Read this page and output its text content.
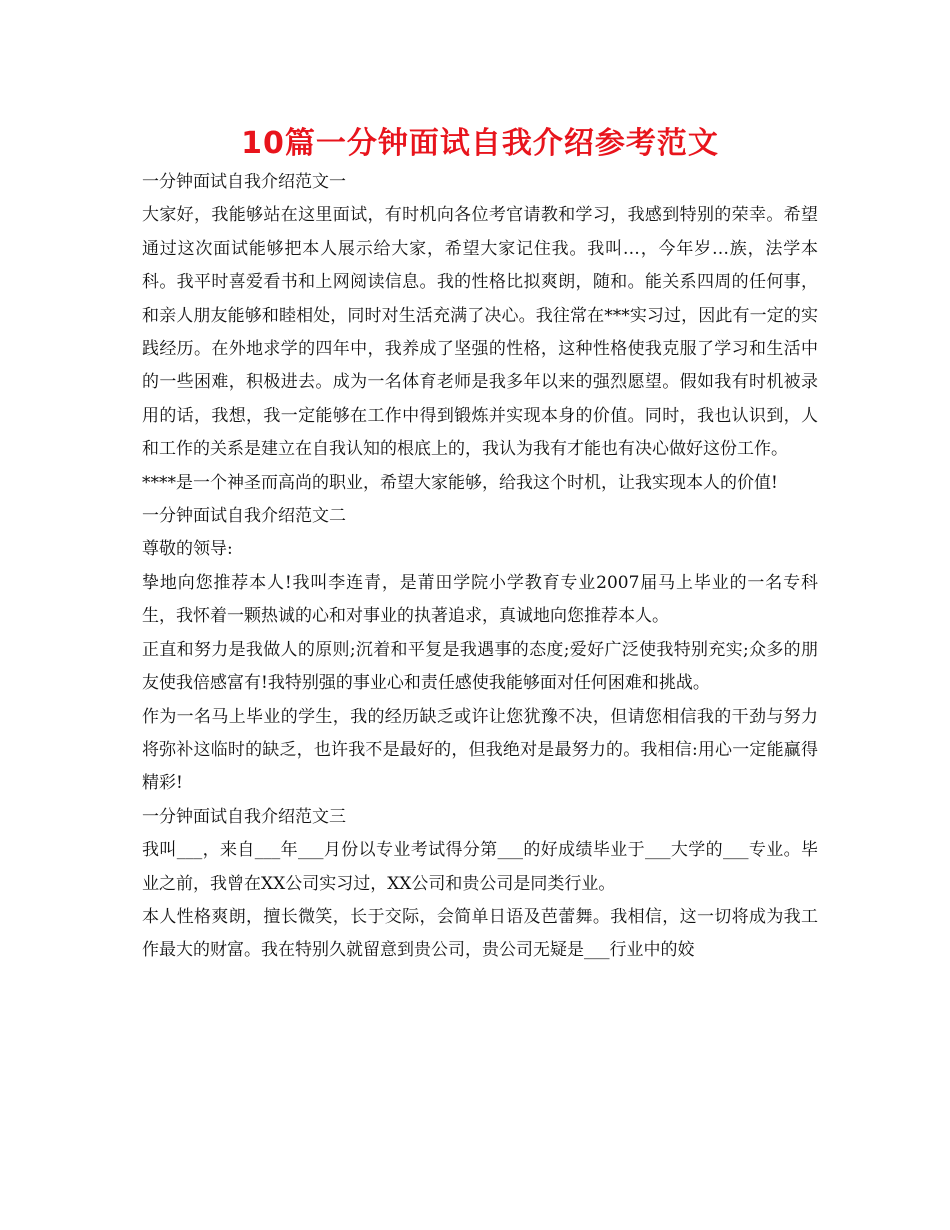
10篇一分钟面试自我介绍参考范文

一分钟面试自我介绍范文一

大家好，我能够站在这里面试，有时机向各位考官请教和学习，我感到特别的荣幸。希望通过这次面试能够把本人展示给大家，希望大家记住我。我叫…，今年岁…族，法学本科。我平时喜爱看书和上网阅读信息。我的性格比拟爽朗，随和。能关系四周的任何事，和亲人朋友能够和睦相处，同时对生活充满了决心。我往常在***实习过，因此有一定的实践经历。在外地求学的四年中，我养成了坚强的性格，这种性格使我克服了学习和生活中的一些困难，积极进去。成为一名体育老师是我多年以来的强烈愿望。假如我有时机被录用的话，我想，我一定能够在工作中得到锻炼并实现本身的价值。同时，我也认识到，人和工作的关系是建立在自我认知的根底上的，我认为我有才能也有决心做好这份工作。

****是一个神圣而高尚的职业，希望大家能够，给我这个时机，让我实现本人的价值!

一分钟面试自我介绍范文二

尊敬的领导:

挚地向您推荐本人!我叫李连青，是莆田学院小学教育专业2007届马上毕业的一名专科生，我怀着一颗热诚的心和对事业的执著追求，真诚地向您推荐本人。

正直和努力是我做人的原则;沉着和平复是我遇事的态度;爱好广泛使我特别充实;众多的朋友使我倍感富有!我特别强的事业心和责任感使我能够面对任何困难和挑战。

作为一名马上毕业的学生，我的经历缺乏或许让您犹豫不决，但请您相信我的干劲与努力将弥补这临时的缺乏，也许我不是最好的，但我绝对是最努力的。我相信:用心一定能赢得精彩!

一分钟面试自我介绍范文三

我叫___，来自___年___月份以专业考试得分第___的好成绩毕业于___大学的___专业。毕业之前，我曾在XX公司实习过，XX公司和贵公司是同类行业。

本人性格爽朗，擅长微笑，长于交际，会简单日语及芭蕾舞。我相信，这一切将成为我工作最大的财富。我在特别久就留意到贵公司，贵公司无疑是___行业中的姣
